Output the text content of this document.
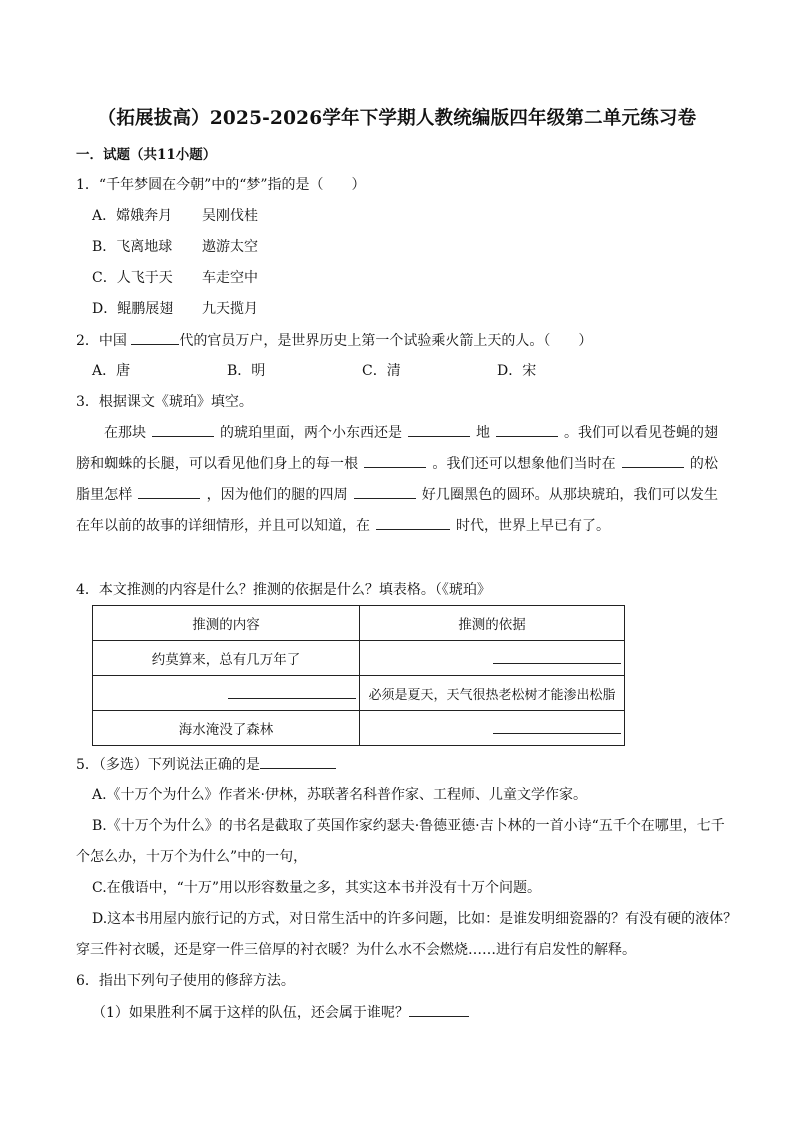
（拓展拔高）2025-2026学年下学期人教统编版四年级第二单元练习卷
一．试题（共11小题）
1．“千年梦圆在今朝”中的“梦”指的是（　　）
A．嫦娥奔月 吴刚伐桂
B．飞离地球 遨游太空
C．人飞于天 车走空中
D．鲲鹏展翅 九天揽月
2．中国	代的官员万户，是世界历史上第一个试验乘火箭上天的人。（　　）
A．唐	B．明	C．清	D．宋
3．根据课文《琥珀》填空。
在那块	的琥珀里面，两个小东西还是	地	。我们可以看见苍蝇的翅膀和蜘蛛的长腿，可以看见他们身上的每一根	。我们还可以想象他们当时在	的松脂里怎样	，因为他们的腿的四周	好几圈黑色的圆环。从那块琥珀，我们可以发生在年以前的故事的详细情形，并且可以知道，在	时代，世界上早已有了。
4．本文推测的内容是什么？推测的依据是什么？填表格。（《琥珀》
推测的内容	推测的依据
约莫算来，总有几万年了	
	必须是夏天，天气很热老松树才能渗出松脂
海水淹没了森林	
5．（多选）下列说法正确的是
A.《十万个为什么》作者米·伊林，苏联著名科普作家、工程师、儿童文学作家。
B.《十万个为什么》的书名是截取了英国作家约瑟夫·鲁德亚德·吉卜林的一首小诗“五千个在哪里，七千
个怎么办，十万个为什么”中的一句，
C.在俄语中，“十万”用以形容数量之多，其实这本书并没有十万个问题。
D.这本书用屋内旅行记的方式，对日常生活中的许多问题，比如：是谁发明细瓷器的？有没有硬的液体？
穿三件衬衣暖，还是穿一件三倍厚的衬衣暖？为什么水不会燃烧……进行有启发性的解释。
6．指出下列句子使用的修辞方法。
（1）如果胜利不属于这样的队伍，还会属于谁呢？
